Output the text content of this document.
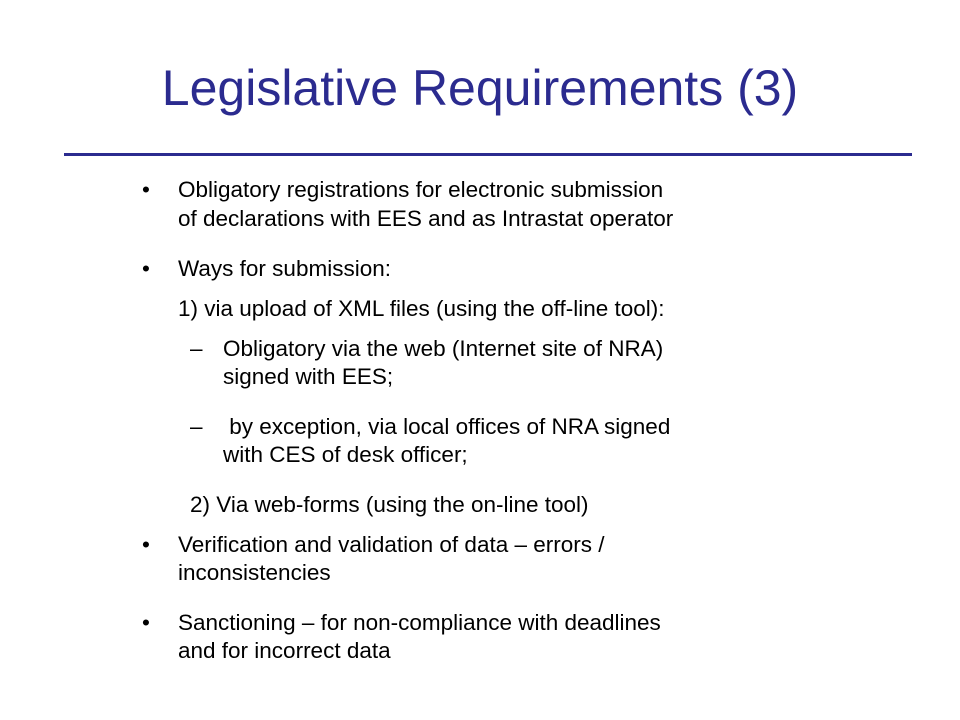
Legislative Requirements (3)
• Obligatory registrations for electronic submission
of declarations with EES and as Intrastat operator
• Ways for submission:
1) via upload of XML files (using the off-line tool):
– Obligatory via the web (Internet site of NRA)
signed with EES;
– by exception, via local offices of NRA signed
with CES of desk officer;
2) Via web-forms (using the on-line tool)
• Verification and validation of data – errors /
inconsistencies
• Sanctioning – for non-compliance with deadlines
and for incorrect data
